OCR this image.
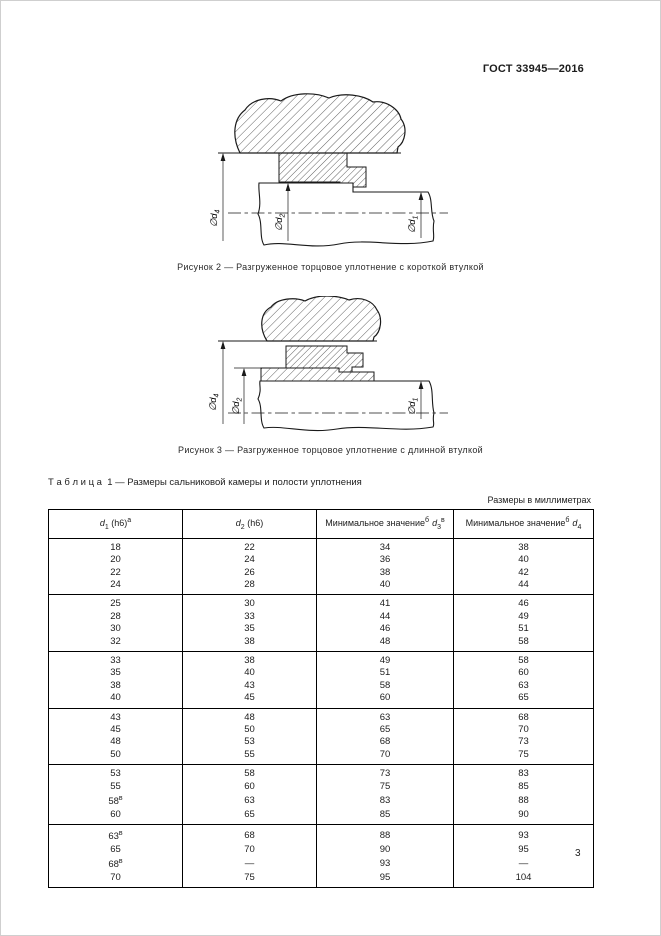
ГОСТ 33945—2016
$\emptyset d_4$
$\emptyset d_2$
$\emptyset d_1$
Рисунок 2 — Разгруженное торцовое уплотнение с короткой втулкой
$\emptyset d_4$
$\emptyset d_2$
$\emptyset d_1$
Рисунок 3 — Разгруженное торцовое уплотнение с длинной втулкой
Т а б л и ц а  1 — Размеры сальниковой камеры и полости уплотнения
Размеры в миллиметрах
$d_1$ $(h6)^а$	$d_2$ (h6)	Минимальное значение$^б$ $d_3^в$	Минимальное значение$^б$ $d_4$
18	22	34	38
20	24	36	40
22	26	38	42
24	28	40	44
25	30	41	46
28	33	44	49
30	35	46	51
32	38	48	58
33	38	49	58
35	40	51	60
38	43	58	63
40	45	60	65
43	48	63	68
45	50	65	70
48	53	68	73
50	55	70	75
53	58	73	83
55	60	75	85
$58^в$	63	83	88
60	65	85	90
$63^в$	68	88	93
65	70	90	95
$68^в$	—	93	—
70	75	95	104
3
